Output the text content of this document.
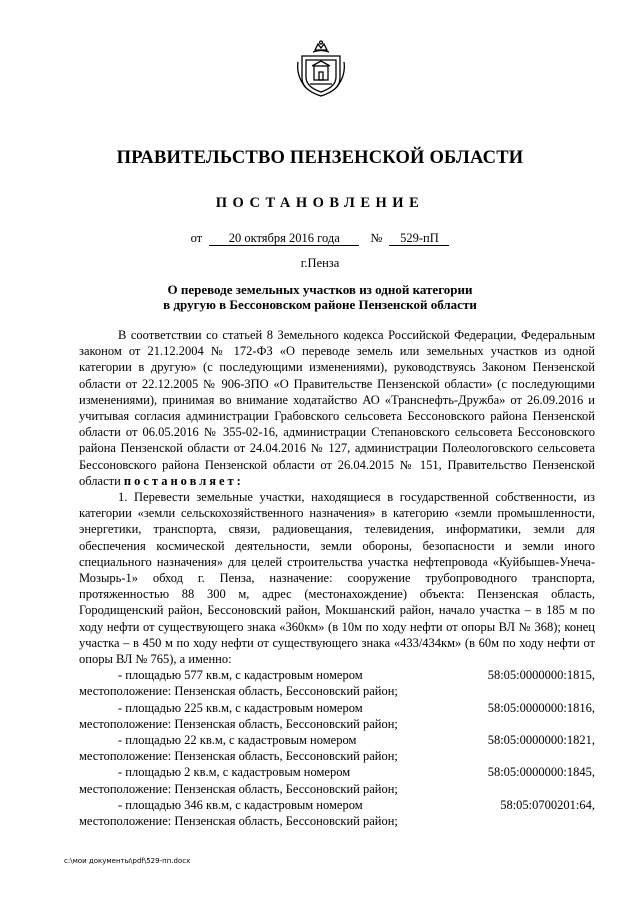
ПРАВИТЕЛЬСТВО ПЕНЗЕНСКОЙ ОБЛАСТИ
ПОСТАНОВЛЕНИЕ
от 20 октября 2016 года № 529-пП
г.Пенза
О переводе земельных участков из одной категории
в другую в Бессоновском районе Пензенской области

В соответствии со статьей 8 Земельного кодекса Российской Федерации, Федеральным законом от 21.12.2004 № 172-ФЗ «О переводе земель или земельных участков из одной категории в другую» (с последующими изменениями), руководствуясь Законом Пензенской области от 22.12.2005 № 906-ЗПО «О Правительстве Пензенской области» (с последующими изменениями), принимая во внимание ходатайство АО «Транснефть-Дружба» от 26.09.2016 и учитывая согласия администрации Грабовского сельсовета Бессоновского района Пензенской области от 06.05.2016 № 355-02-16, администрации Степановского сельсовета Бессоновского района Пензенской области от 24.04.2016 № 127, администрации Полеологовского сельсовета Бессоновского района Пензенской области от 26.04.2015 № 151, Правительство Пензенской области постановляет:

1. Перевести земельные участки, находящиеся в государственной собственности, из категории «земли сельскохозяйственного назначения» в категорию «земли промышленности, энергетики, транспорта, связи, радиовещания, телевидения, информатики, земли для обеспечения космической деятельности, земли обороны, безопасности и земли иного специального назначения» для целей строительства участка нефтепровода «Куйбышев-Унеча-Мозырь-1» обход г. Пенза, назначение: сооружение трубопроводного транспорта, протяженностью 88 300 м, адрес (местонахождение) объекта: Пензенская область, Городищенский район, Бессоновский район, Мокшанский район, начало участка – в 185 м по ходу нефти от существующего знака «360км» (в 10м по ходу нефти от опоры ВЛ № 368); конец участка – в 450 м по ходу нефти от существующего знака «433/434км» (в 60м по ходу нефти от опоры ВЛ № 765), а именно:

- площадью 577 кв.м, с кадастровым номером	58:05:0000000:1815,
местоположение: Пензенская область, Бессоновский район;
- площадью 225 кв.м, с кадастровым номером	58:05:0000000:1816,
местоположение: Пензенская область, Бессоновский район;
- площадью 22 кв.м, с кадастровым номером	58:05:0000000:1821,
местоположение: Пензенская область, Бессоновский район;
- площадью 2 кв.м, с кадастровым номером	58:05:0000000:1845,
местоположение: Пензенская область, Бессоновский район;
- площадью 346 кв.м, с кадастровым номером	58:05:0700201:64,
местоположение: Пензенская область, Бессоновский район;
c:\мои документы\pdf\529-пп.docx
